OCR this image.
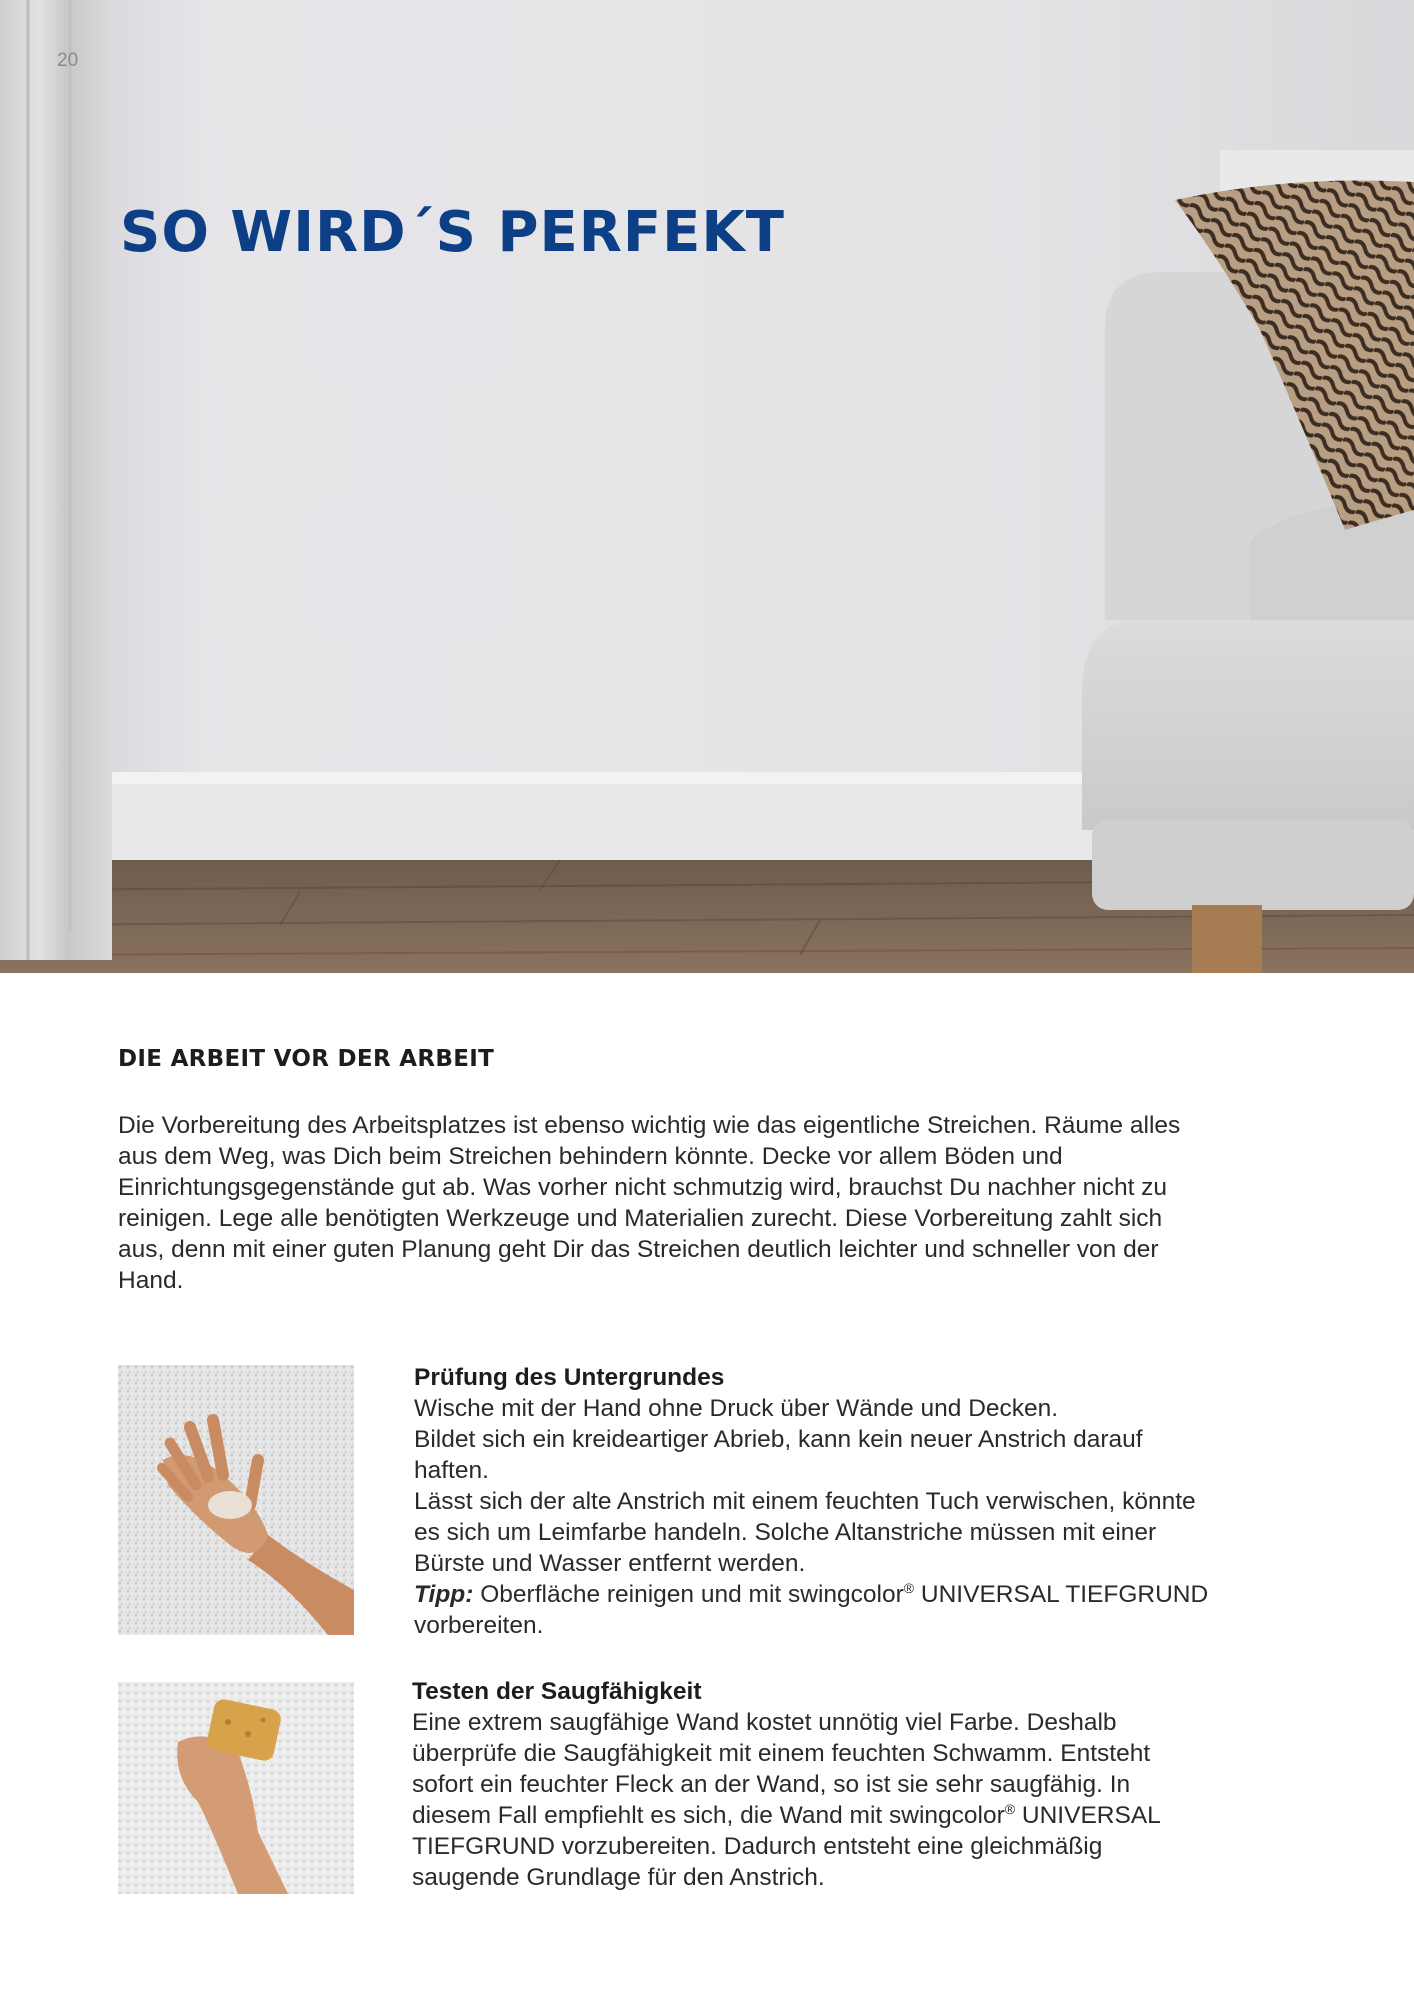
20
SO WIRD´S PERFEKT
DIE ARBEIT VOR DER ARBEIT

Die Vorbereitung des Arbeitsplatzes ist ebenso wichtig wie das eigentliche Streichen. Räume alles aus dem Weg, was Dich beim Streichen behindern könnte. Decke vor allem Böden und Einrichtungsgegenstände gut ab. Was vorher nicht schmutzig wird, brauchst Du nachher nicht zu reinigen. Lege alle benötigten Werkzeuge und Materialien zurecht. Diese Vorbereitung zahlt sich aus, denn mit einer guten Planung geht Dir das Streichen deutlich leichter und schneller von der Hand.

Prüfung des Untergrundes

Wische mit der Hand ohne Druck über Wände und Decken.

Bildet sich ein kreideartiger Abrieb, kann kein neuer Anstrich darauf haften.

Lässt sich der alte Anstrich mit einem feuchten Tuch verwischen, könnte es sich um Leimfarbe handeln. Solche Altanstriche müssen mit einer Bürste und Wasser entfernt werden.

Tipp: Oberfläche reinigen und mit swingcolor® UNIVERSAL TIEFGRUND vorbereiten.

Testen der Saugfähigkeit

Eine extrem saugfähige Wand kostet unnötig viel Farbe. Deshalb überprüfe die Saugfähigkeit mit einem feuchten Schwamm. Entsteht sofort ein feuchter Fleck an der Wand, so ist sie sehr saugfähig. In diesem Fall empfiehlt es sich, die Wand mit swingcolor® UNIVERSAL TIEFGRUND vorzubereiten. Dadurch entsteht eine gleichmäßig saugende Grundlage für den Anstrich.
